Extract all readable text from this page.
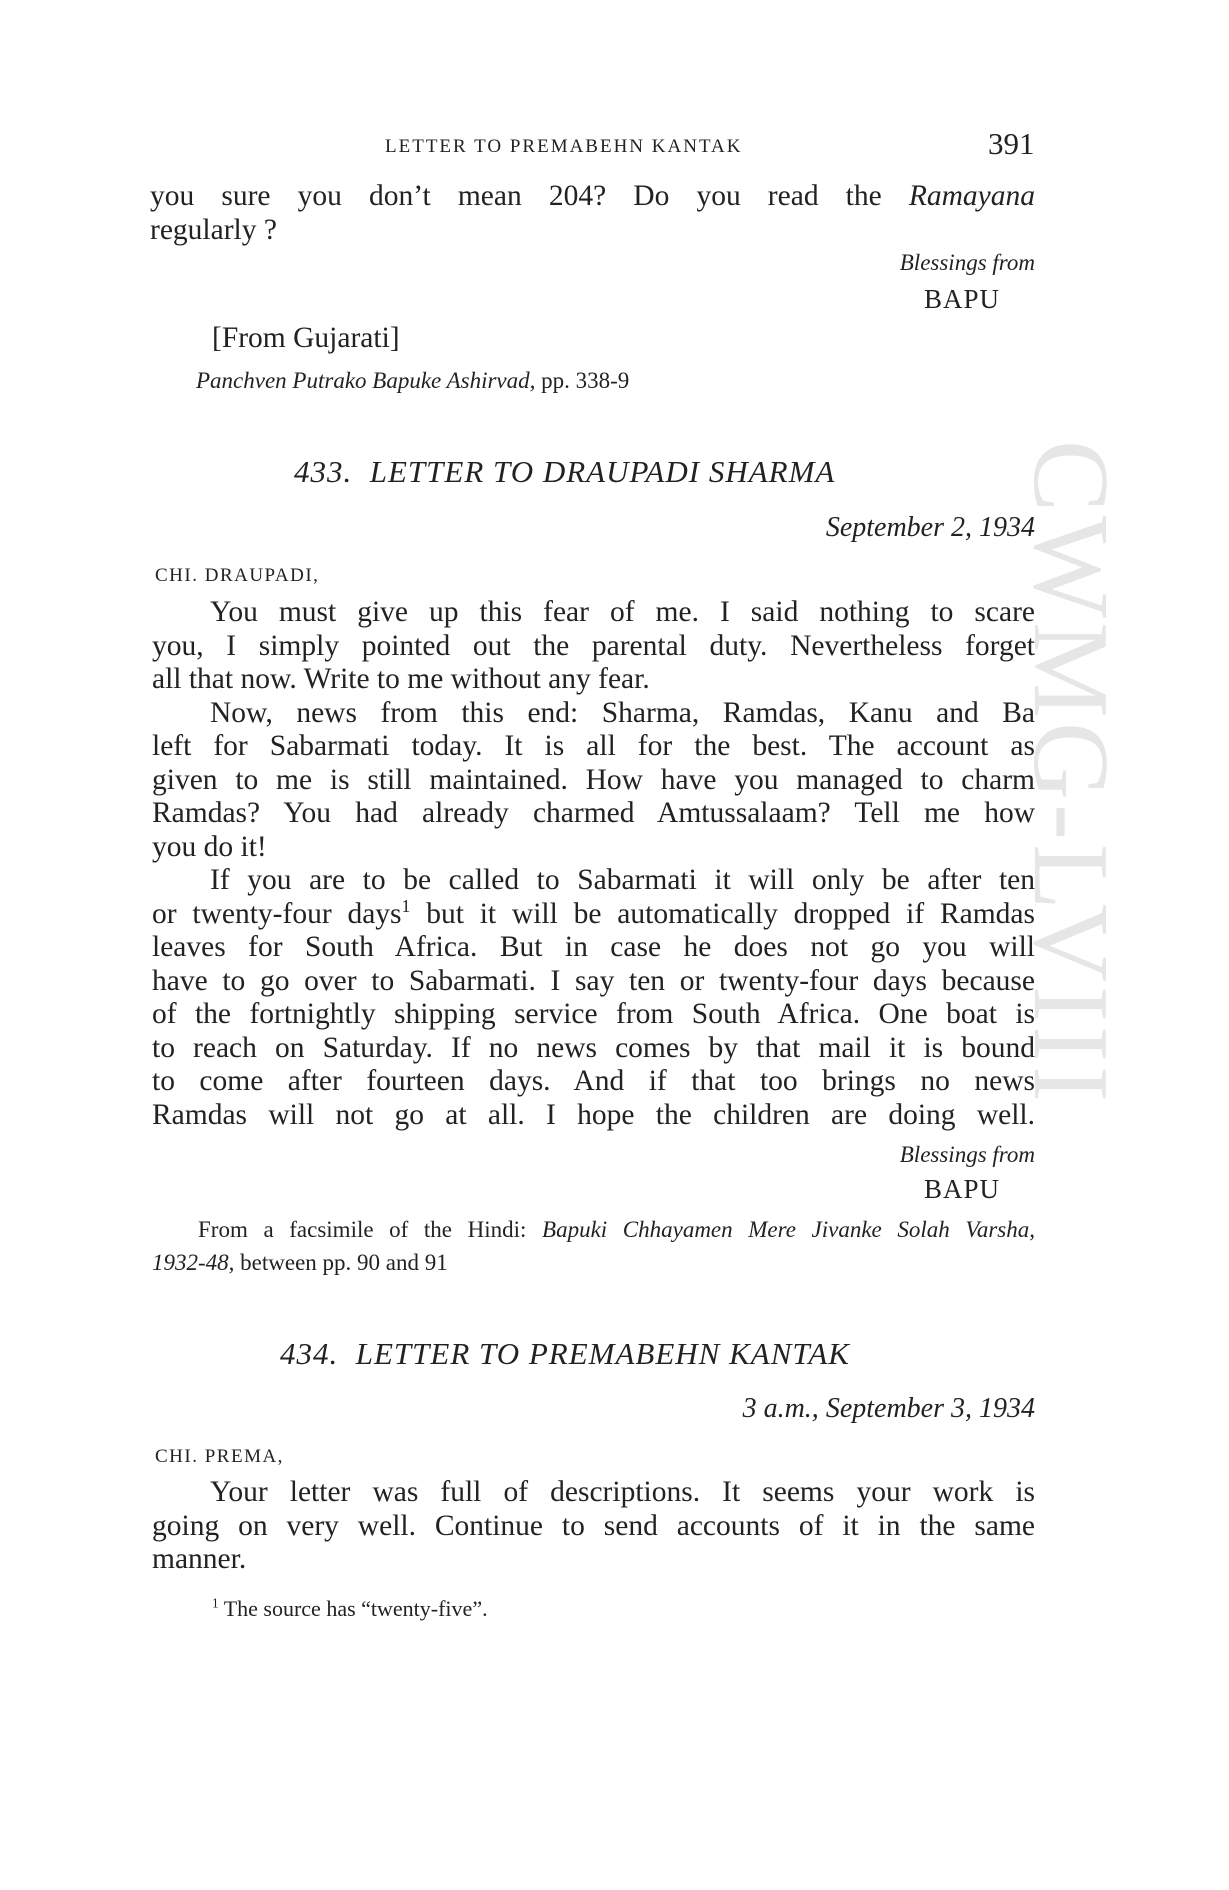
CWMG-LVIII
LETTER TO PREMABEHN KANTAK	391

you sure you don’t mean 204? Do you read the Ramayana

regularly ?

Blessings from
BAPU
[From Gujarati]
Panchven Putrako Bapuke Ashirvad, pp. 338-9
433. LETTER TO DRAUPADI SHARMA
September 2, 1934
CHI. DRAUPADI,

You must give up this fear of me. I said nothing to scare

you, I simply pointed out the parental duty. Nevertheless forget

all that now. Write to me without any fear.

Now, news from this end: Sharma, Ramdas, Kanu and Ba

left for Sabarmati today. It is all for the best. The account as

given to me is still maintained. How have you managed to charm

Ramdas? You had already charmed Amtussalaam? Tell me how

you do it!

If you are to be called to Sabarmati it will only be after ten

or twenty-four days$^1$ but it will be automatically dropped if Ramdas

leaves for South Africa. But in case he does not go you will

have to go over to Sabarmati. I say ten or twenty-four days because

of the fortnightly shipping service from South Africa. One boat is

to reach on Saturday. If no news comes by that mail it is bound

to come after fourteen days. And if that too brings no news

Ramdas will not go at all. I hope the children are doing well.

Blessings from
BAPU

From a facsimile of the Hindi: Bapuki Chhayamen Mere Jivanke Solah Varsha,

1932-48, between pp. 90 and 91

434. LETTER TO PREMABEHN KANTAK
3 a.m., September 3, 1934
CHI. PREMA,

Your letter was full of descriptions. It seems your work is

going on very well. Continue to send accounts of it in the same

manner.

$^1$ The source has “twenty-five”.
